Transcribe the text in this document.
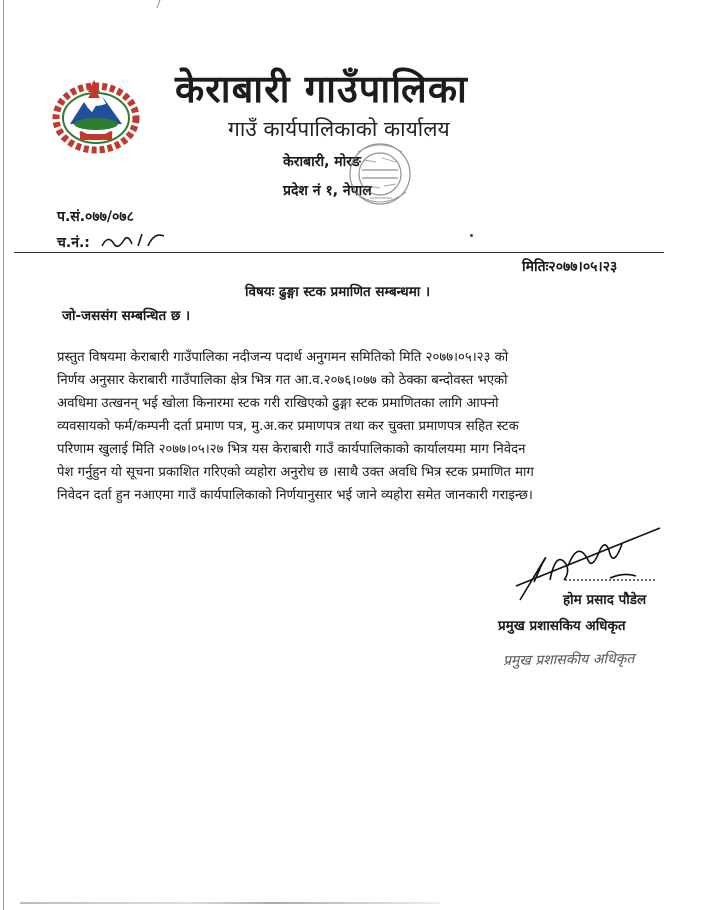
केराबारी गाउँपालिका
गाउँ कार्यपालिकाको कार्यालय
केराबारी, मोरङ
प्रदेश नं १, नेपाल
प.सं.०७७/०७८
च.नं.:
मितिः२०७७।०५।२३
विषयः ढुङ्गा स्टक प्रमाणित सम्बन्धमा ।
जो-जससंग सम्बन्धित छ ।
प्रस्तुत विषयमा केराबारी गाउँपालिका नदीजन्य पदार्थ अनुगमन समितिको मिति २०७७।०५।२३ को
निर्णय अनुसार केराबारी गाउँपालिका क्षेत्र भित्र गत आ.व.२०७६।०७७ को ठेक्का बन्दोवस्त भएको
अवधिमा उत्खनन् भई खोला किनारमा स्टक गरी राखिएको ढुङ्गा स्टक प्रमाणितका लागि आफ्नो
व्यवसायको फर्म/कम्पनी दर्ता प्रमाण पत्र, मु.अ.कर प्रमाणपत्र तथा कर चुक्ता प्रमाणपत्र सहित स्टक
परिणाम खुलाई मिति २०७७।०५।२७ भित्र यस केराबारी गाउँ कार्यपालिकाको कार्यालयमा माग निवेदन
पेश गर्नुहुन यो सूचना प्रकाशित गरिएको व्यहोरा अनुरोध छ ।साथै उक्त अवधि भित्र स्टक प्रमाणित माग
निवेदन दर्ता हुन नआएमा गाउँ कार्यपालिकाको निर्णयानुसार भई जाने व्यहोरा समेत जानकारी गराइन्छ।
होम प्रसाद पौडेल
प्रमुख प्रशासकिय अधिकृत
प्रमुख प्रशासकीय अधिकृत
